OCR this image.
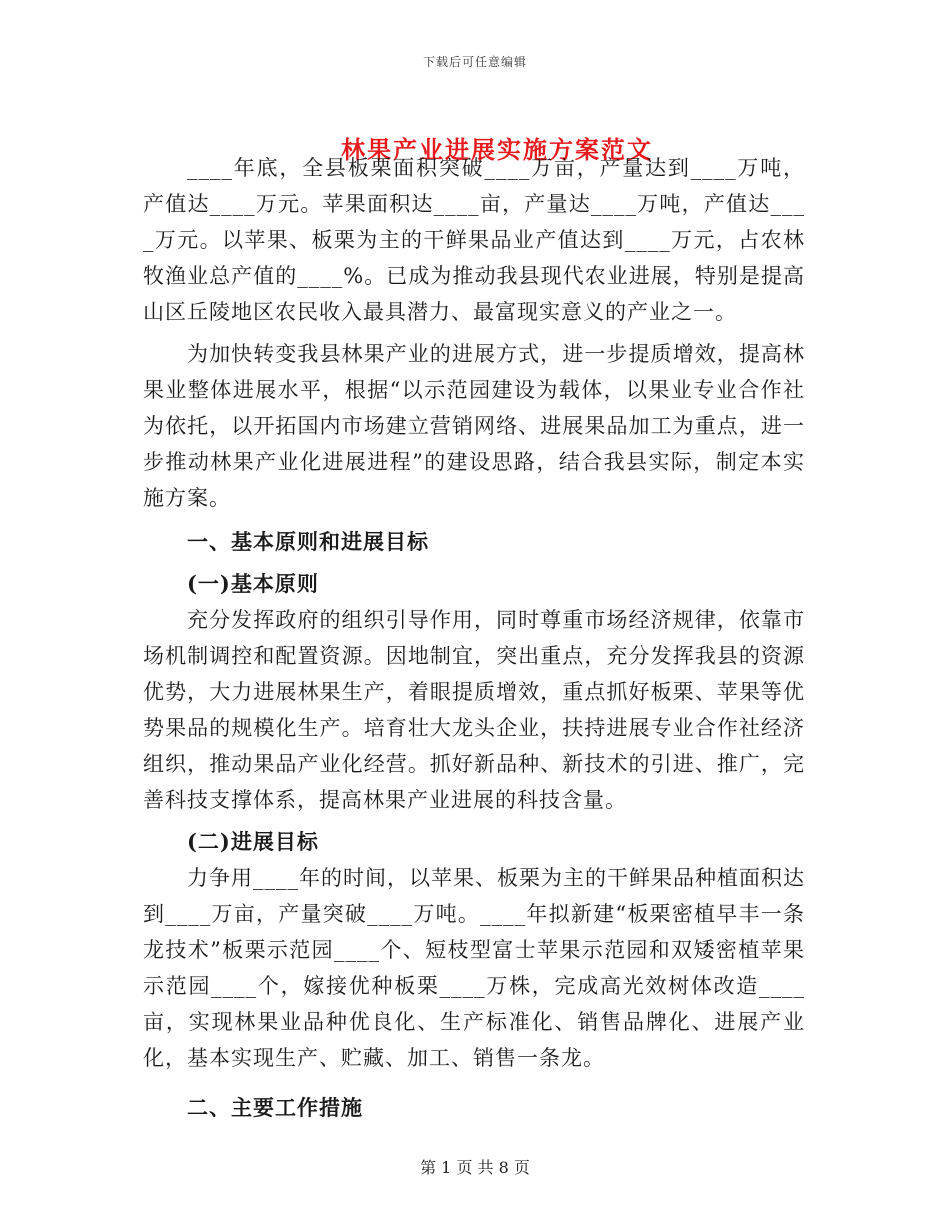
下载后可任意编辑
林果产业进展实施方案范文

____年底，全县板栗面积突破____万亩，产量达到____万吨，产值达____万元。苹果面积达____亩，产量达____万吨，产值达____万元。以苹果、板栗为主的干鲜果品业产值达到____万元，占农林牧渔业总产值的____%。已成为推动我县现代农业进展，特别是提高山区丘陵地区农民收入最具潜力、最富现实意义的产业之一。

为加快转变我县林果产业的进展方式，进一步提质增效，提高林果业整体进展水平，根据“以示范园建设为载体，以果业专业合作社为依托，以开拓国内市场建立营销网络、进展果品加工为重点，进一步推动林果产业化进展进程”的建设思路，结合我县实际，制定本实施方案。

一、基本原则和进展目标
(一)基本原则

充分发挥政府的组织引导作用，同时尊重市场经济规律，依靠市场机制调控和配置资源。因地制宜，突出重点，充分发挥我县的资源优势，大力进展林果生产，着眼提质增效，重点抓好板栗、苹果等优势果品的规模化生产。培育壮大龙头企业，扶持进展专业合作社经济组织，推动果品产业化经营。抓好新品种、新技术的引进、推广，完善科技支撑体系，提高林果产业进展的科技含量。

(二)进展目标

力争用____年的时间，以苹果、板栗为主的干鲜果品种植面积达到____万亩，产量突破____万吨。____年拟新建“板栗密植早丰一条龙技术”板栗示范园____个、短枝型富士苹果示范园和双矮密植苹果示范园____个，嫁接优种板栗____万株，完成高光效树体改造____亩，实现林果业品种优良化、生产标准化、销售品牌化、进展产业化，基本实现生产、贮藏、加工、销售一条龙。

二、主要工作措施
第 1 页 共 8 页
